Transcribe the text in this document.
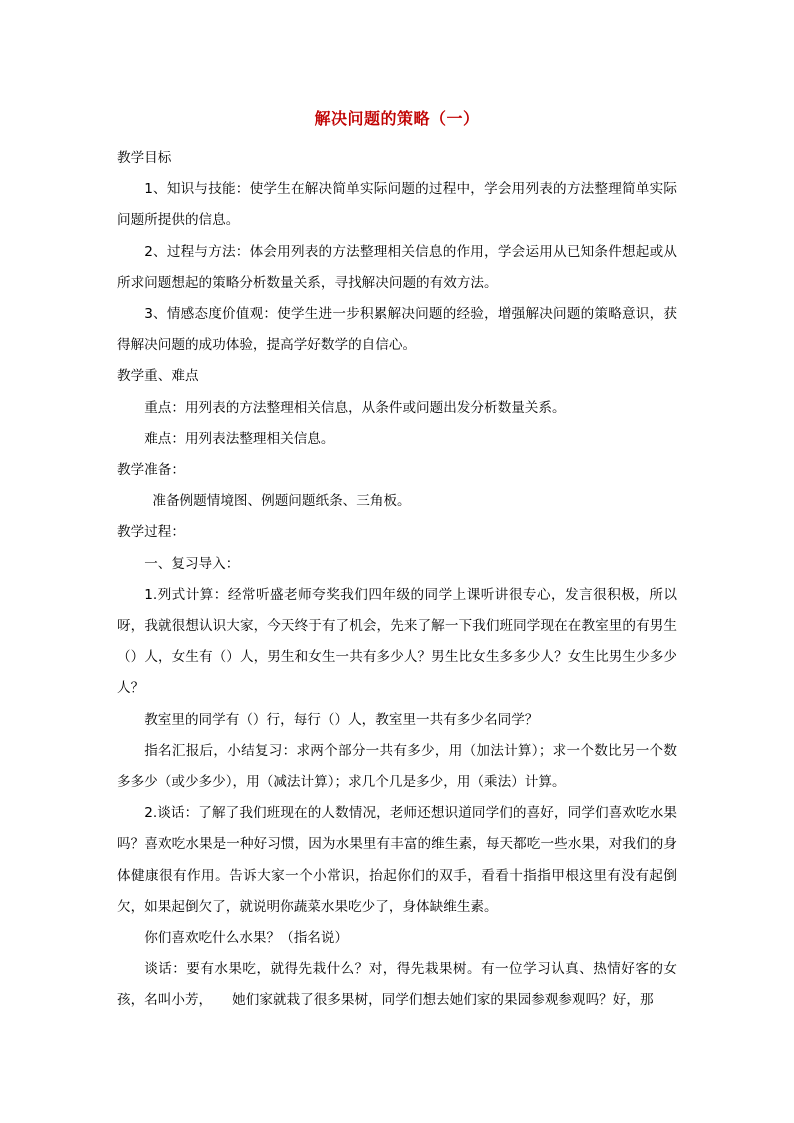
解决问题的策略（一）

教学目标

1、知识与技能：使学生在解决简单实际问题的过程中，学会用列表的方法整理简单实际问题所提供的信息。

2、过程与方法：体会用列表的方法整理相关信息的作用，学会运用从已知条件想起或从所求问题想起的策略分析数量关系，寻找解决问题的有效方法。

3、情感态度价值观：使学生进一步积累解决问题的经验，增强解决问题的策略意识，获得解决问题的成功体验，提高学好数学的自信心。

教学重、难点

重点：用列表的方法整理相关信息，从条件或问题出发分析数量关系。

难点：用列表法整理相关信息。

教学准备：

准备例题情境图、例题问题纸条、三角板。

教学过程：

一、复习导入：

1.列式计算：经常听盛老师夸奖我们四年级的同学上课听讲很专心，发言很积极，所以呀，我就很想认识大家，今天终于有了机会，先来了解一下我们班同学现在在教室里的有男生（）人，女生有（）人，男生和女生一共有多少人？男生比女生多多少人？女生比男生少多少人？

教室里的同学有（）行，每行（）人，教室里一共有多少名同学？

指名汇报后，小结复习：求两个部分一共有多少，用（加法计算）；求一个数比另一个数多多少（或少多少），用（减法计算）；求几个几是多少，用（乘法）计算。

2.谈话：了解了我们班现在的人数情况，老师还想识道同学们的喜好，同学们喜欢吃水果吗？喜欢吃水果是一种好习惯，因为水果里有丰富的维生素，每天都吃一些水果，对我们的身体健康很有作用。告诉大家一个小常识，抬起你们的双手，看看十指指甲根这里有没有起倒欠，如果起倒欠了，就说明你蔬菜水果吃少了，身体缺维生素。

你们喜欢吃什么水果？（指名说）

谈话：要有水果吃，就得先栽什么？对，得先栽果树。有一位学习认真、热情好客的女孩，名叫小芳， 她们家就栽了很多果树，同学们想去她们家的果园参观参观吗？好，那
